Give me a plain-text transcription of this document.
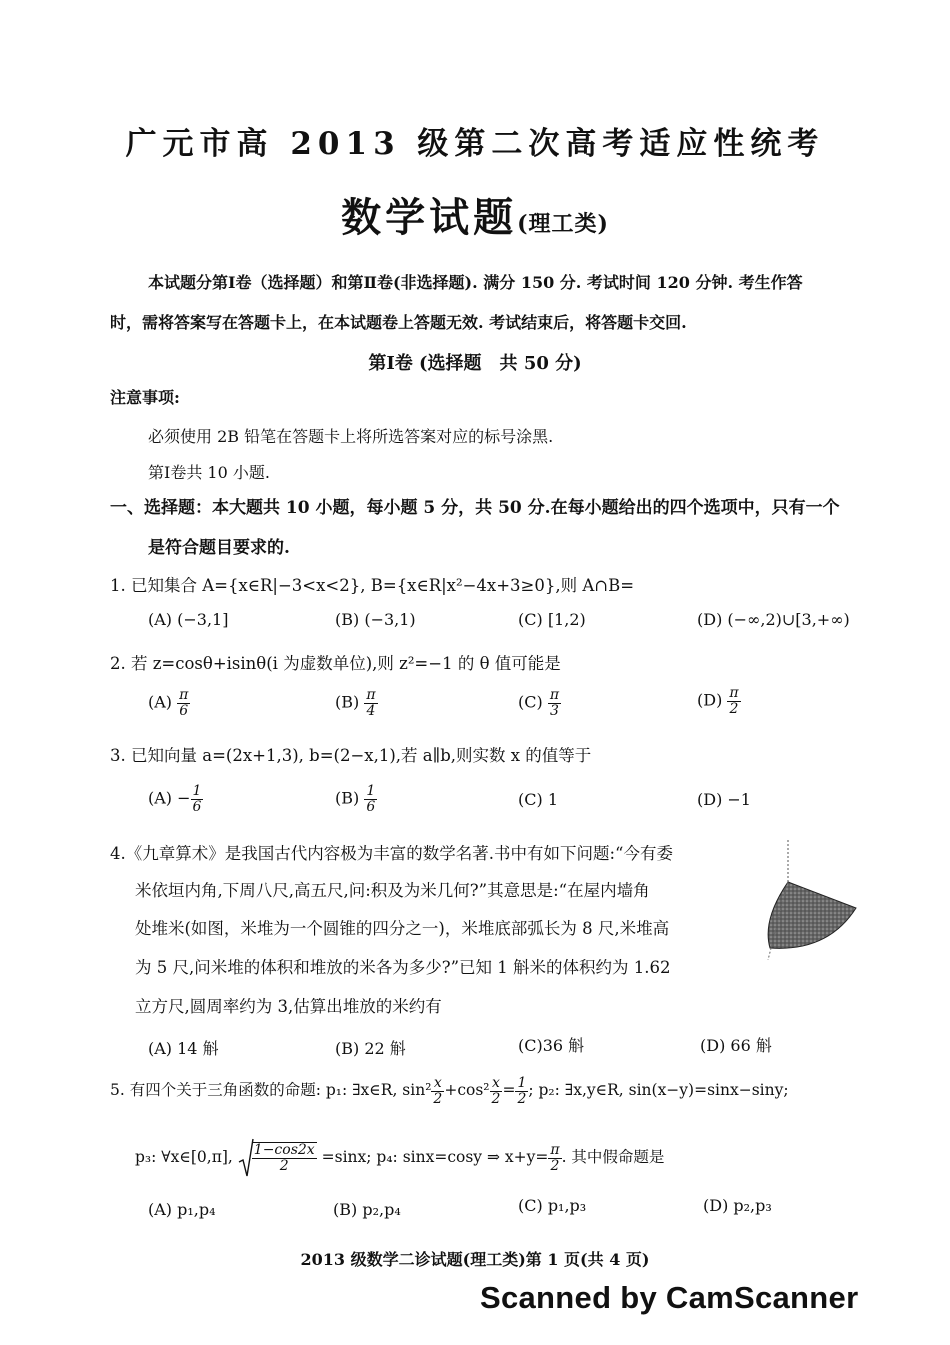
广元市高 2013 级第二次高考适应性统考
数学试题(理工类)
本试题分第Ⅰ卷（选择题）和第Ⅱ卷(非选择题). 满分 150 分. 考试时间 120 分钟. 考生作答
时，需将答案写在答题卡上，在本试题卷上答题无效. 考试结束后，将答题卡交回.
第Ⅰ卷 (选择题　共 50 分)
注意事项:
必须使用 2B 铅笔在答题卡上将所选答案对应的标号涂黑.
第Ⅰ卷共 10 小题.
一、选择题：本大题共 10 小题，每小题 5 分，共 50 分.在每小题给出的四个选项中，只有一个
是符合题目要求的.
1. 已知集合 A={x∈R|−3<x<2}, B={x∈R|x²−4x+3≥0},则 A∩B=
(A) (−3,1]	(B) (−3,1)	(C) [1,2)	(D) (−∞,2)∪[3,+∞)
2. 若 z=cosθ+isinθ(i 为虚数单位),则 z²=−1 的 θ 值可能是
$(A) \frac{\pi}{6}$	$(B) \frac{\pi}{4}$	$(C) \frac{\pi}{3}$	$(D) \frac{\pi}{2}$
3. 已知向量 a=(2x+1,3), b=(2−x,1),若 a∥b,则实数 x 的值等于
$(A) - \frac{1}{6}$	$(B) \frac{1}{6}$	(C) 1	(D) −1
4.《九章算术》是我国古代内容极为丰富的数学名著.书中有如下问题:“今有委
米依垣内角,下周八尺,高五尺,问:积及为米几何?”其意思是:“在屋内墙角
处堆米(如图，米堆为一个圆锥的四分之一)，米堆底部弧长为 8 尺,米堆高
为 5 尺,问米堆的体积和堆放的米各为多少?”已知 1 斛米的体积约为 1.62
立方尺,圆周率约为 3,估算出堆放的米约有
(A) 14 斛	(B) 22 斛	(C)36 斛	(D) 66 斛
5. 有四个关于三角函数的命题: p₁: ∃x∈R, $\sin^2 \frac{x}{2} +\cos^2 \frac{x}{2} = \frac{1}{2}$ ; p₂: ∃x,y∈R, sin(x−y)=sinx−siny;
p₃: ∀x∈[0,π], $\frac{1-\cos 2x}{2} =\sin x$; p₄: sinx=cosy ⇒ $x+y= \frac{\pi}{2}$ . 其中假命题是
(A) p₁,p₄	(B) p₂,p₄	(C) p₁,p₃	(D) p₂,p₃
2013 级数学二诊试题(理工类)第 1 页(共 4 页)
Scanned by CamScanner
